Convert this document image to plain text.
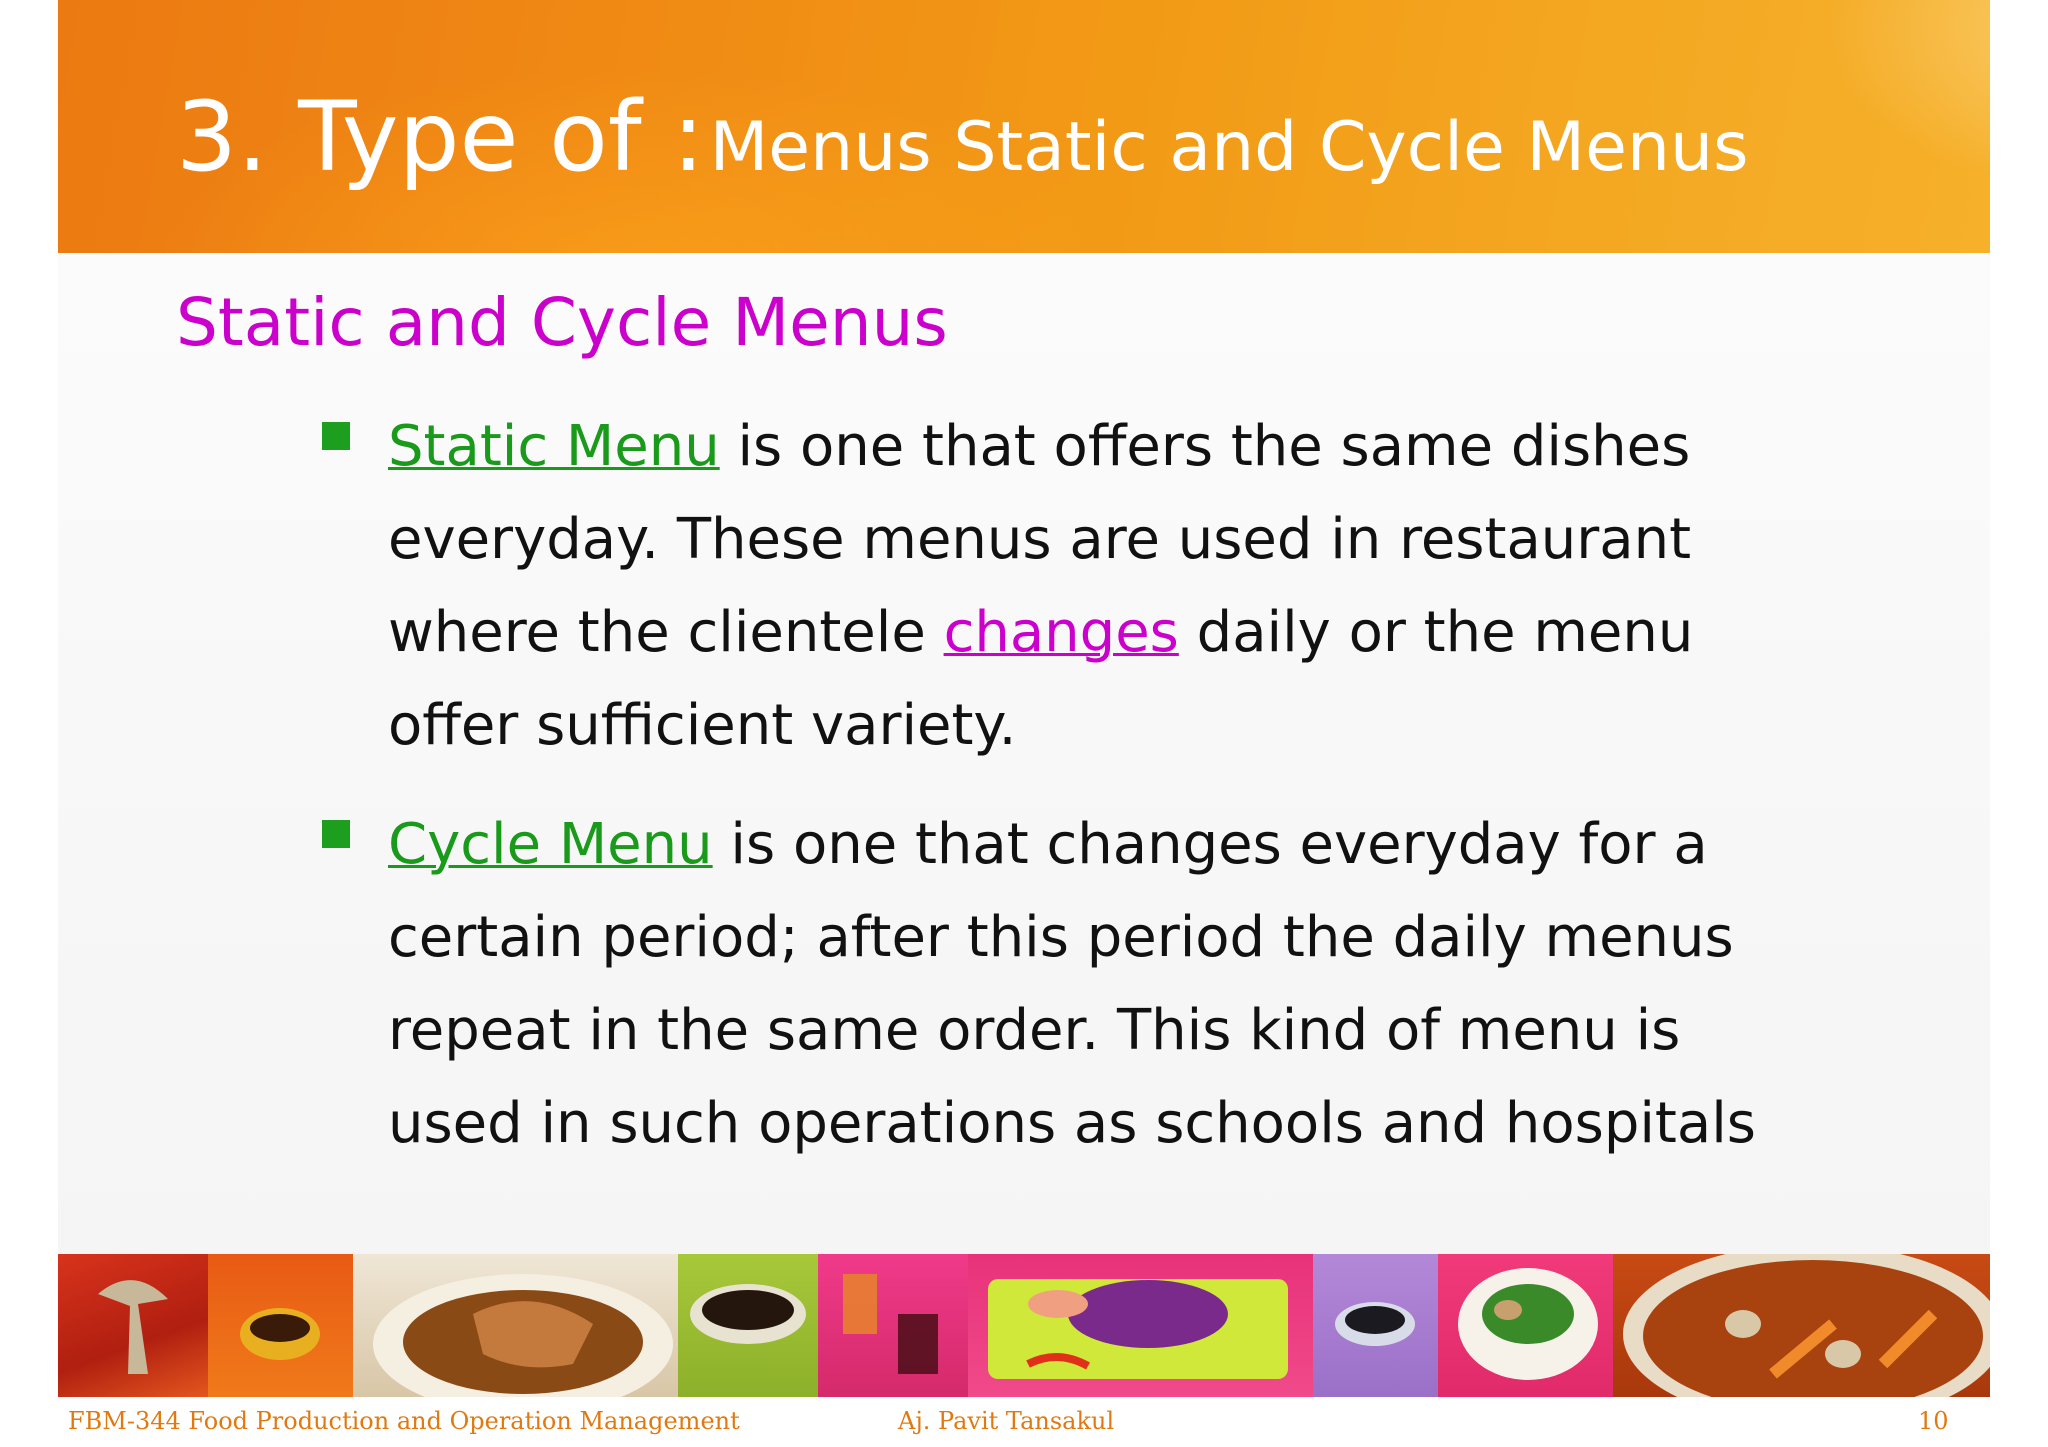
3. Type of : Menus Static and Cycle Menus
Static and Cycle Menus
Static Menu is one that offers the same dishes
everyday. These menus are used in restaurant
where the clientele changes daily or the menu
offer sufficient variety.
Cycle Menu is one that changes everyday for a
certain period; after this period the daily menus
repeat in the same order. This kind of menu is
used in such operations as schools and hospitals
FBM-344 Food Production and Operation Management	Aj. Pavit Tansakul	10
